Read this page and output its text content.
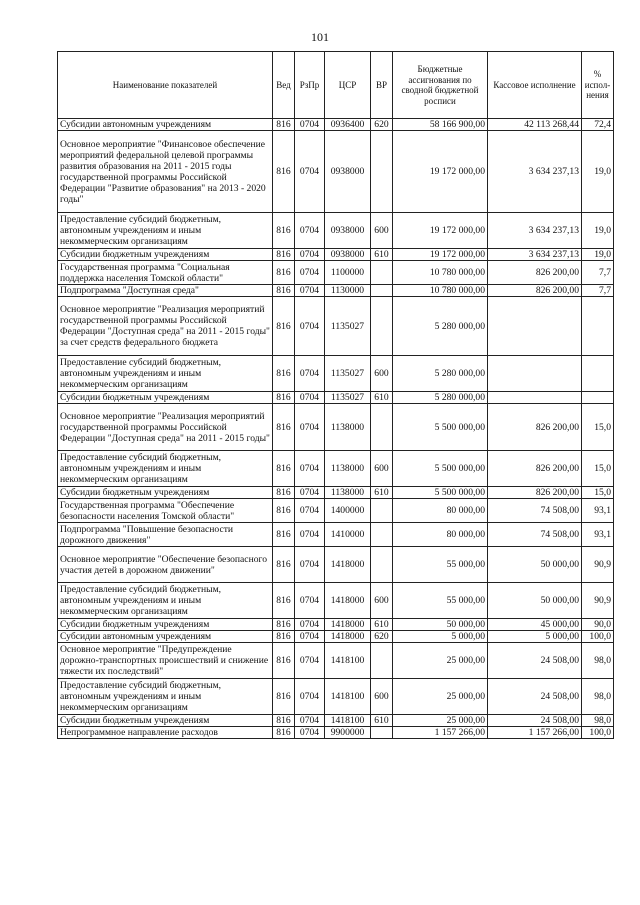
101
Наименование показателей	Вед	РзПр	ЦСР	ВР	Бюджетные ассигнования по сводной бюджетной росписи	Кассовое исполнение	% испол-нения
Субсидии автономным учреждениям	816	0704	0936400	620	58 166 900,00	42 113 268,44	72,4
Основное мероприятие "Финансовое обеспечение мероприятий федеральной целевой программы развития образования на 2011 - 2015 годы государственной программы Российской Федерации "Развитие образования" на 2013 - 2020 годы"	816	0704	0938000		19 172 000,00	3 634 237,13	19,0
Предоставление субсидий бюджетным, автономным учреждениям и иным некоммерческим организациям	816	0704	0938000	600	19 172 000,00	3 634 237,13	19,0
Субсидии бюджетным учреждениям	816	0704	0938000	610	19 172 000,00	3 634 237,13	19,0
Государственная программа "Социальная поддержка населения Томской области"	816	0704	1100000		10 780 000,00	826 200,00	7,7
Подпрограмма "Доступная среда"	816	0704	1130000		10 780 000,00	826 200,00	7,7
Основное мероприятие "Реализация мероприятий государственной программы Российской Федерации "Доступная среда" на 2011 - 2015 годы" за счет средств федерального бюджета	816	0704	1135027		5 280 000,00		
Предоставление субсидий бюджетным, автономным учреждениям и иным некоммерческим организациям	816	0704	1135027	600	5 280 000,00		
Субсидии бюджетным учреждениям	816	0704	1135027	610	5 280 000,00		
Основное мероприятие "Реализация мероприятий государственной программы Российской Федерации "Доступная среда" на 2011 - 2015 годы"	816	0704	1138000		5 500 000,00	826 200,00	15,0
Предоставление субсидий бюджетным, автономным учреждениям и иным некоммерческим организациям	816	0704	1138000	600	5 500 000,00	826 200,00	15,0
Субсидии бюджетным учреждениям	816	0704	1138000	610	5 500 000,00	826 200,00	15,0
Государственная программа "Обеспечение безопасности населения Томской области"	816	0704	1400000		80 000,00	74 508,00	93,1
Подпрограмма "Повышение безопасности дорожного движения"	816	0704	1410000		80 000,00	74 508,00	93,1
Основное мероприятие "Обеспечение безопасного участия детей в дорожном движении"	816	0704	1418000		55 000,00	50 000,00	90,9
Предоставление субсидий бюджетным, автономным учреждениям и иным некоммерческим организациям	816	0704	1418000	600	55 000,00	50 000,00	90,9
Субсидии бюджетным учреждениям	816	0704	1418000	610	50 000,00	45 000,00	90,0
Субсидии автономным учреждениям	816	0704	1418000	620	5 000,00	5 000,00	100,0
Основное мероприятие "Предупреждение дорожно-транспортных происшествий и снижение тяжести их последствий"	816	0704	1418100		25 000,00	24 508,00	98,0
Предоставление субсидий бюджетным, автономным учреждениям и иным некоммерческим организациям	816	0704	1418100	600	25 000,00	24 508,00	98,0
Субсидии бюджетным учреждениям	816	0704	1418100	610	25 000,00	24 508,00	98,0
Непрограммное направление расходов	816	0704	9900000		1 157 266,00	1 157 266,00	100,0
